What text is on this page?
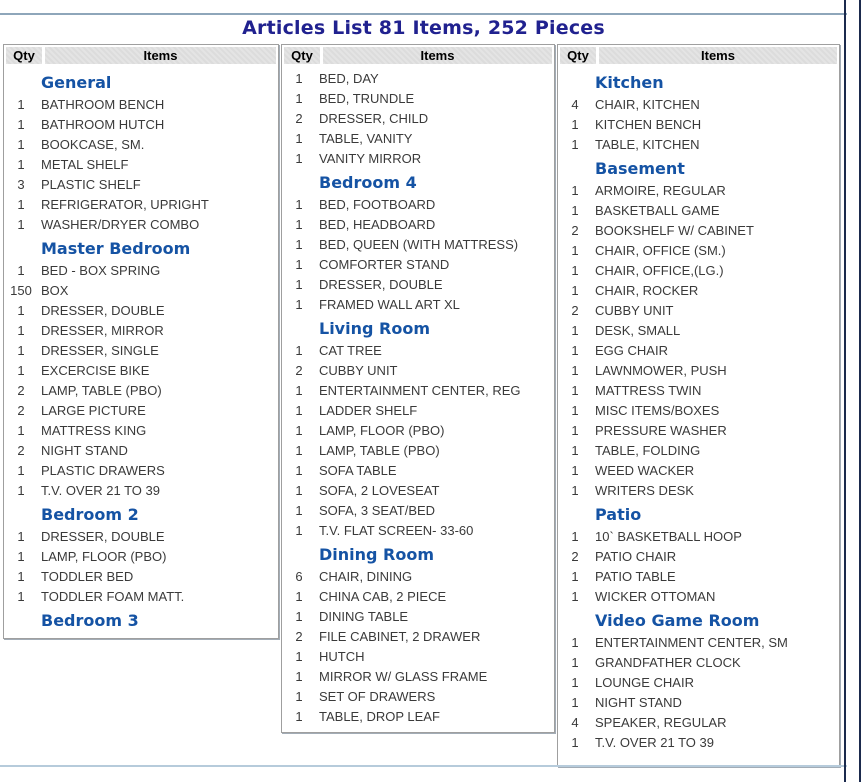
Articles List 81 Items, 252 Pieces
Qty	Items
General
1	BATHROOM BENCH
1	BATHROOM HUTCH
1	BOOKCASE, SM.
1	METAL SHELF
3	PLASTIC SHELF
1	REFRIGERATOR, UPRIGHT
1	WASHER/DRYER COMBO
Master Bedroom
1	BED - BOX SPRING
150 BOX
1	DRESSER, DOUBLE
1	DRESSER, MIRROR
1	DRESSER, SINGLE
1	EXCERCISE BIKE
2	LAMP, TABLE (PBO)
2	LARGE PICTURE
1	MATTRESS KING
2	NIGHT STAND
1	PLASTIC DRAWERS
1	T.V. OVER 21 TO 39
Bedroom 2
1	DRESSER, DOUBLE
1	LAMP, FLOOR (PBO)
1	TODDLER BED
1	TODDLER FOAM MATT.
Bedroom 3
Qty	Items
1	BED, DAY
1	BED, TRUNDLE
2	DRESSER, CHILD
1	TABLE, VANITY
1	VANITY MIRROR
Bedroom 4
1	BED, FOOTBOARD
1	BED, HEADBOARD
1	BED, QUEEN (WITH MATTRESS)
1	COMFORTER STAND
1	DRESSER, DOUBLE
1	FRAMED WALL ART XL
Living Room
1	CAT TREE
2	CUBBY UNIT
1	ENTERTAINMENT CENTER, REG
1	LADDER SHELF
1	LAMP, FLOOR (PBO)
1	LAMP, TABLE (PBO)
1	SOFA TABLE
1	SOFA, 2 LOVESEAT
1	SOFA, 3 SEAT/BED
1	T.V. FLAT SCREEN- 33-60
Dining Room
6	CHAIR, DINING
1	CHINA CAB, 2 PIECE
1	DINING TABLE
2	FILE CABINET, 2 DRAWER
1	HUTCH
1	MIRROR W/ GLASS FRAME
1	SET OF DRAWERS
1	TABLE, DROP LEAF
Qty	Items
Kitchen
4	CHAIR, KITCHEN
1	KITCHEN BENCH
1	TABLE, KITCHEN
Basement
1	ARMOIRE, REGULAR
1	BASKETBALL GAME
2	BOOKSHELF W/ CABINET
1	CHAIR, OFFICE (SM.)
1	CHAIR, OFFICE,(LG.)
1	CHAIR, ROCKER
2	CUBBY UNIT
1	DESK, SMALL
1	EGG CHAIR
1	LAWNMOWER, PUSH
1	MATTRESS TWIN
1	MISC ITEMS/BOXES
1	PRESSURE WASHER
1	TABLE, FOLDING
1	WEED WACKER
1	WRITERS DESK
Patio
1	10` BASKETBALL HOOP
2	PATIO CHAIR
1	PATIO TABLE
1	WICKER OTTOMAN
Video Game Room
1	ENTERTAINMENT CENTER, SM
1	GRANDFATHER CLOCK
1	LOUNGE CHAIR
1	NIGHT STAND
4	SPEAKER, REGULAR
1	T.V. OVER 21 TO 39
